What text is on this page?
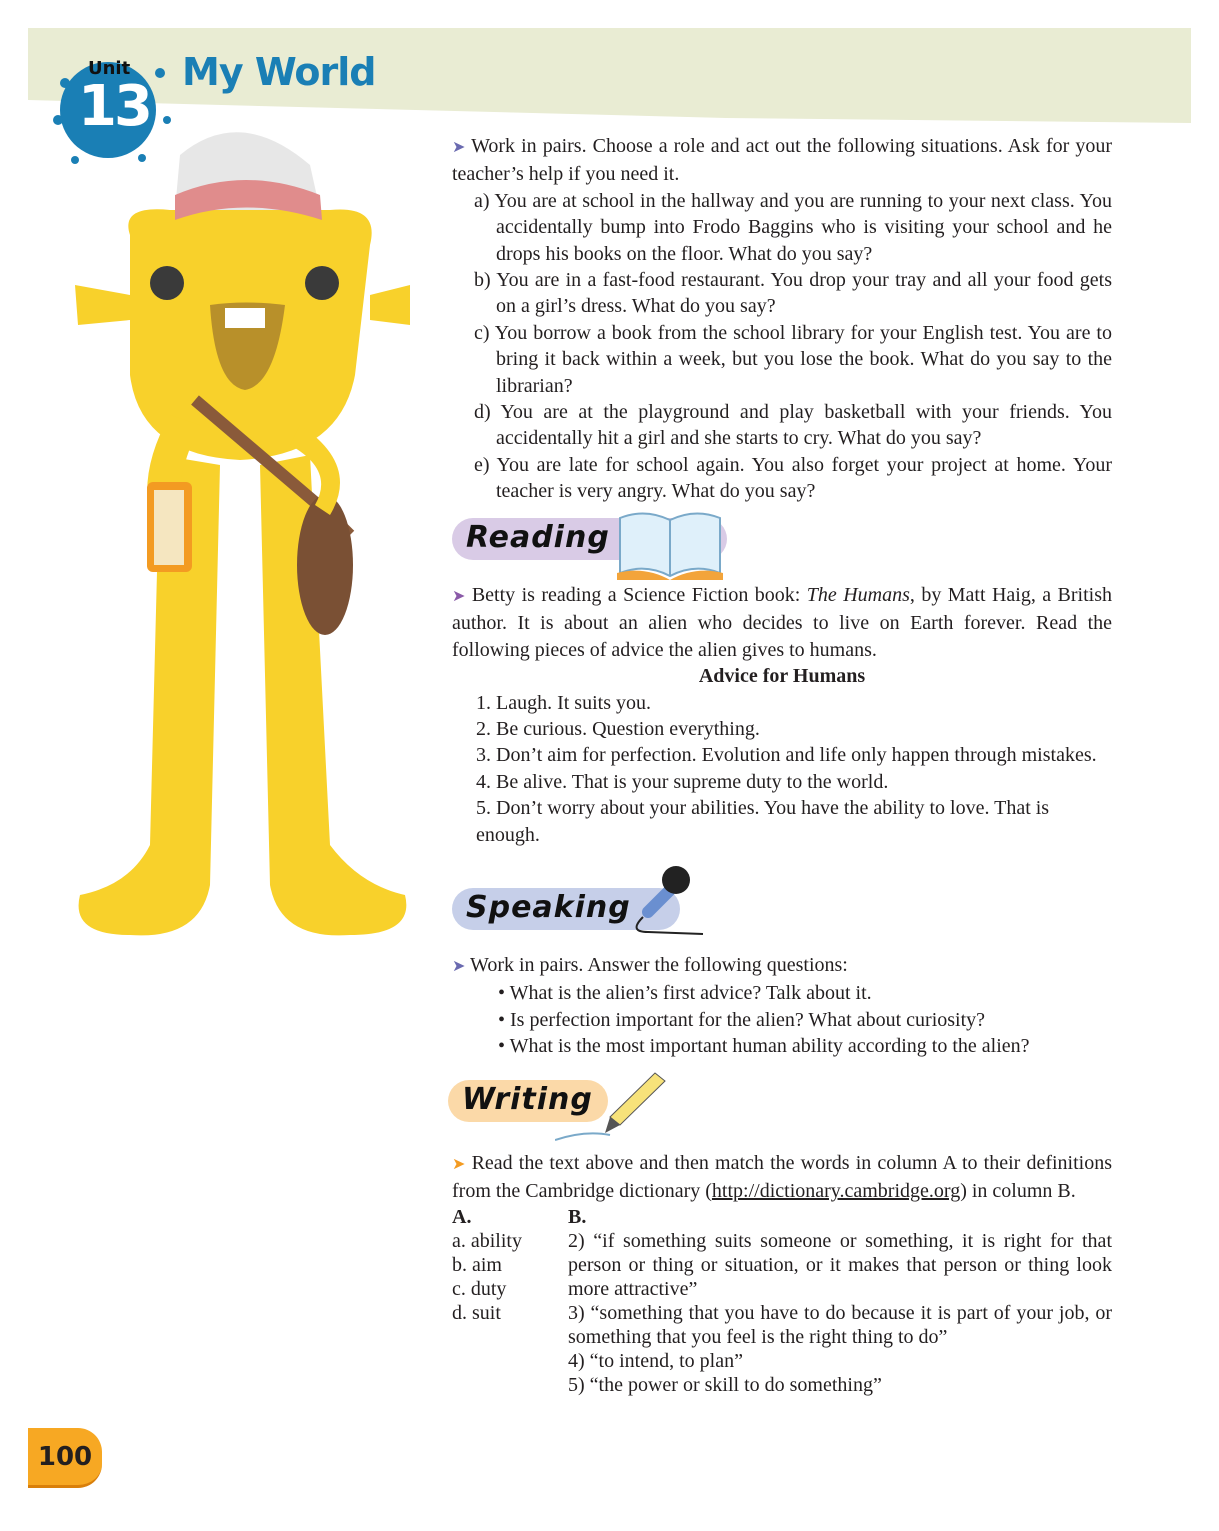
Unit
13
My World

➤ Work in pairs. Choose a role and act out the following situations. Ask for your teacher’s help if you need it.

a) You are at school in the hallway and you are running to your next class. You accidentally bump into Frodo Baggins who is visiting your school and he drops his books on the floor. What do you say?

b) You are in a fast-food restaurant. You drop your tray and all your food gets on a girl’s dress. What do you say?

c) You borrow a book from the school library for your English test. You are to bring it back within a week, but you lose the book. What do you say to the librarian?

d) You are at the playground and play basketball with your friends. You accidentally hit a girl and she starts to cry. What do you say?

e) You are late for school again. You also forget your project at home. Your teacher is very angry. What do you say?

Reading

➤ Betty is reading a Science Fiction book: The Humans, by Matt Haig, a British author. It is about an alien who decides to live on Earth forever. Read the following pieces of advice the alien gives to humans.

Advice for Humans

1. Laugh. It suits you.

2. Be curious. Question everything.

3. Don’t aim for perfection. Evolution and life only happen through mistakes.

4. Be alive. That is your supreme duty to the world.

5. Don’t worry about your abilities. You have the ability to love. That is enough.

Speaking

➤ Work in pairs. Answer the following questions:

• What is the alien’s first advice? Talk about it.

• Is perfection important for the alien? What about curiosity?

• What is the most important human ability according to the alien?

Writing

➤ Read the text above and then match the words in column A to their definitions from the Cambridge dictionary (http://dictionary.cambridge.org) in column B.

A.

a. ability

b. aim

c. duty

d. suit

B.

2) “if something suits someone or something, it is right for that person or thing or situation, or it makes that person or thing look more attractive”

3) “something that you have to do because it is part of your job, or something that you feel is the right thing to do”

4) “to intend, to plan”

5) “the power or skill to do something”

100
